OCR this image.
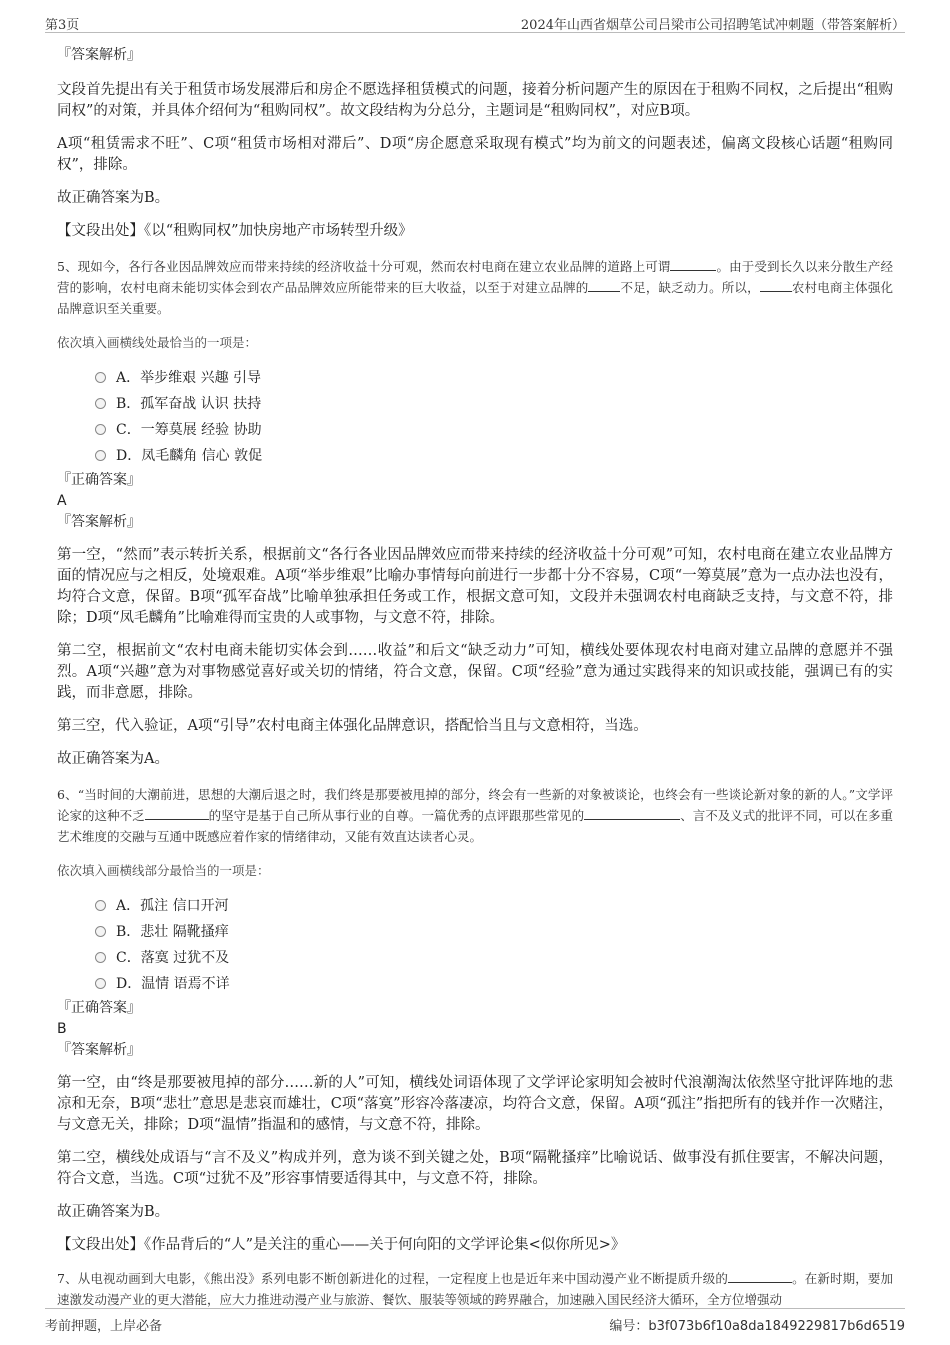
第3页	2024年山西省烟草公司吕梁市公司招聘笔试冲刺题（带答案解析）

『答案解析』

文段首先提出有关于租赁市场发展滞后和房企不愿选择租赁模式的问题，接着分析问题产生的原因在于租购不同权，之后提出“租购同权”的对策，并具体介绍何为“租购同权”。故文段结构为分总分，主题词是“租购同权”，对应B项。

A项“租赁需求不旺”、C项“租赁市场相对滞后”、D项“房企愿意采取现有模式”均为前文的问题表述，偏离文段核心话题“租购同权”，排除。

故正确答案为B。

【文段出处】《以“租购同权”加快房地产市场转型升级》

5、现如今，各行各业因品牌效应而带来持续的经济收益十分可观，然而农村电商在建立农业品牌的道路上可谓	。由于受到长久以来分散生产经营的影响，农村电商未能切实体会到农产品品牌效应所能带来的巨大收益，以至于对建立品牌的	不足，缺乏动力。所以，	农村电商主体强化品牌意识至关重要。

依次填入画横线处最恰当的一项是：

A．举步维艰 兴趣 引导
B．孤军奋战 认识 扶持
C．一筹莫展 经验 协助
D．凤毛麟角 信心 敦促

『正确答案』

A

『答案解析』

第一空，“然而”表示转折关系，根据前文“各行各业因品牌效应而带来持续的经济收益十分可观”可知，农村电商在建立农业品牌方面的情况应与之相反，处境艰难。A项“举步维艰”比喻办事情每向前进行一步都十分不容易，C项“一筹莫展”意为一点办法也没有，均符合文意，保留。B项“孤军奋战”比喻单独承担任务或工作，根据文意可知，文段并未强调农村电商缺乏支持，与文意不符，排除；D项“凤毛麟角”比喻难得而宝贵的人或事物，与文意不符，排除。

第二空，根据前文“农村电商未能切实体会到……收益”和后文“缺乏动力”可知，横线处要体现农村电商对建立品牌的意愿并不强烈。A项“兴趣”意为对事物感觉喜好或关切的情绪，符合文意，保留。C项“经验”意为通过实践得来的知识或技能，强调已有的实践，而非意愿，排除。

第三空，代入验证，A项“引导”农村电商主体强化品牌意识，搭配恰当且与文意相符，当选。

故正确答案为A。

6、“当时间的大潮前进，思想的大潮后退之时，我们终是那要被甩掉的部分，终会有一些新的对象被谈论，也终会有一些谈论新对象的新的人。”文学评论家的这种不乏	的坚守是基于自己所从事行业的自尊。一篇优秀的点评跟那些常见的	、言不及义式的批评不同，可以在多重艺术维度的交融与互通中既感应着作家的情绪律动，又能有效直达读者心灵。

依次填入画横线部分最恰当的一项是：

A．孤注 信口开河
B．悲壮 隔靴搔痒
C．落寞 过犹不及
D．温情 语焉不详

『正确答案』

B

『答案解析』

第一空，由“终是那要被甩掉的部分……新的人”可知，横线处词语体现了文学评论家明知会被时代浪潮淘汰依然坚守批评阵地的悲凉和无奈，B项“悲壮”意思是悲哀而雄壮，C项“落寞”形容冷落凄凉，均符合文意，保留。A项“孤注”指把所有的钱并作一次赌注，与文意无关，排除；D项“温情”指温和的感情，与文意不符，排除。

第二空，横线处成语与“言不及义”构成并列，意为谈不到关键之处，B项“隔靴搔痒”比喻说话、做事没有抓住要害，不解决问题，符合文意，当选。C项“过犹不及”形容事情要适得其中，与文意不符，排除。

故正确答案为B。

【文段出处】《作品背后的“人”是关注的重心——关于何向阳的文学评论集<似你所见>》

7、从电视动画到大电影，《熊出没》系列电影不断创新进化的过程，一定程度上也是近年来中国动漫产业不断提质升级的	。在新时期，要加速激发动漫产业的更大潜能，应大力推进动漫产业与旅游、餐饮、服装等领域的跨界融合，加速融入国民经济大循环，全方位增强动

考前押题，上岸必备	编号：b3f073b6f10a8da1849229817b6d6519
